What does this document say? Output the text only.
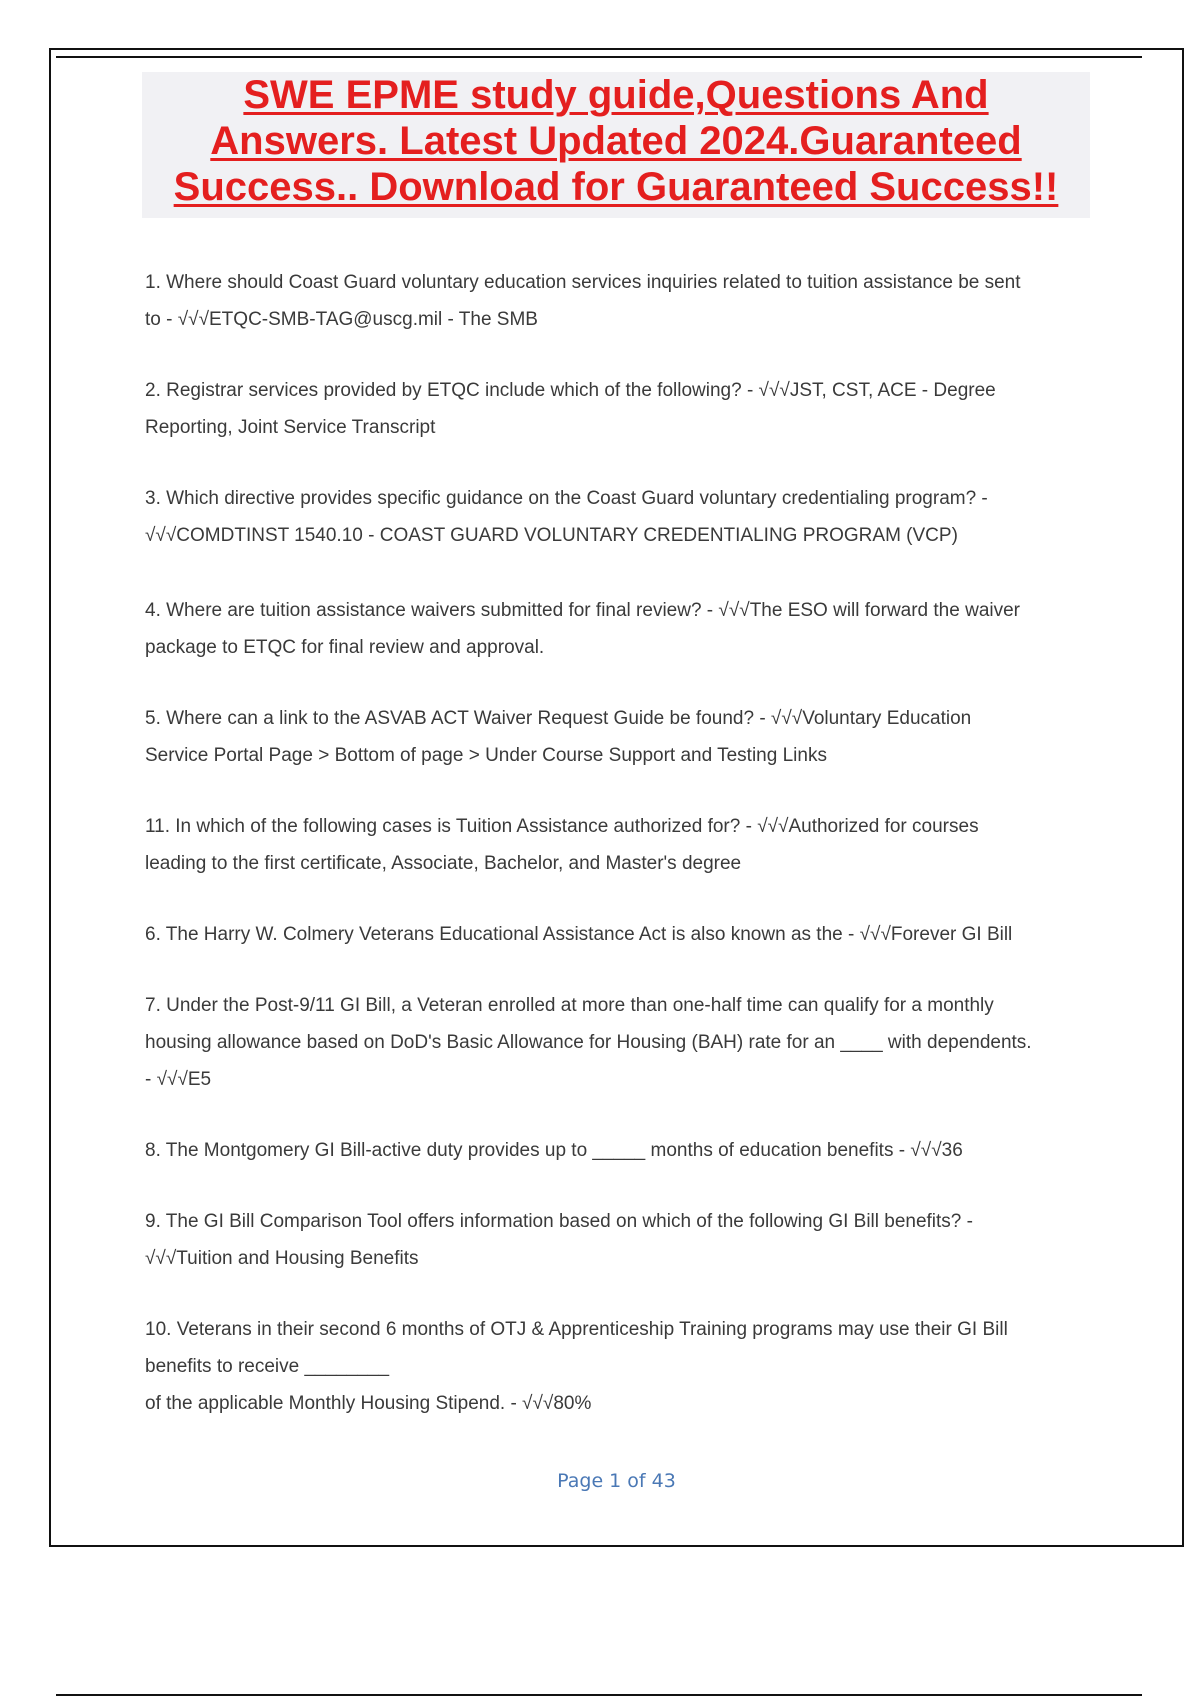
SWE EPME study guide,Questions And
Answers. Latest Updated 2024.Guaranteed
Success.. Download for Guaranteed Success!!
1. Where should Coast Guard voluntary education services inquiries related to tuition assistance be sent
to - √√√ETQC-SMB-TAG@uscg.mil - The SMB
2. Registrar services provided by ETQC include which of the following? - √√√JST, CST, ACE - Degree
Reporting, Joint Service Transcript
3. Which directive provides specific guidance on the Coast Guard voluntary credentialing program? -
√√√COMDTINST 1540.10 - COAST GUARD VOLUNTARY CREDENTIALING PROGRAM (VCP)
4. Where are tuition assistance waivers submitted for final review? - √√√The ESO will forward the waiver
package to ETQC for final review and approval.
5. Where can a link to the ASVAB ACT Waiver Request Guide be found? - √√√Voluntary Education
Service Portal Page > Bottom of page > Under Course Support and Testing Links
11. In which of the following cases is Tuition Assistance authorized for? - √√√Authorized for courses
leading to the first certificate, Associate, Bachelor, and Master's degree
6. The Harry W. Colmery Veterans Educational Assistance Act is also known as the - √√√Forever GI Bill
7. Under the Post-9/11 GI Bill, a Veteran enrolled at more than one-half time can qualify for a monthly
housing allowance based on DoD's Basic Allowance for Housing (BAH) rate for an ____ with dependents.
- √√√E5
8. The Montgomery GI Bill-active duty provides up to _____ months of education benefits - √√√36
9. The GI Bill Comparison Tool offers information based on which of the following GI Bill benefits? -
√√√Tuition and Housing Benefits
10. Veterans in their second 6 months of OTJ & Apprenticeship Training programs may use their GI Bill
benefits to receive ________
of the applicable Monthly Housing Stipend. - √√√80%
Page 1 of 43
